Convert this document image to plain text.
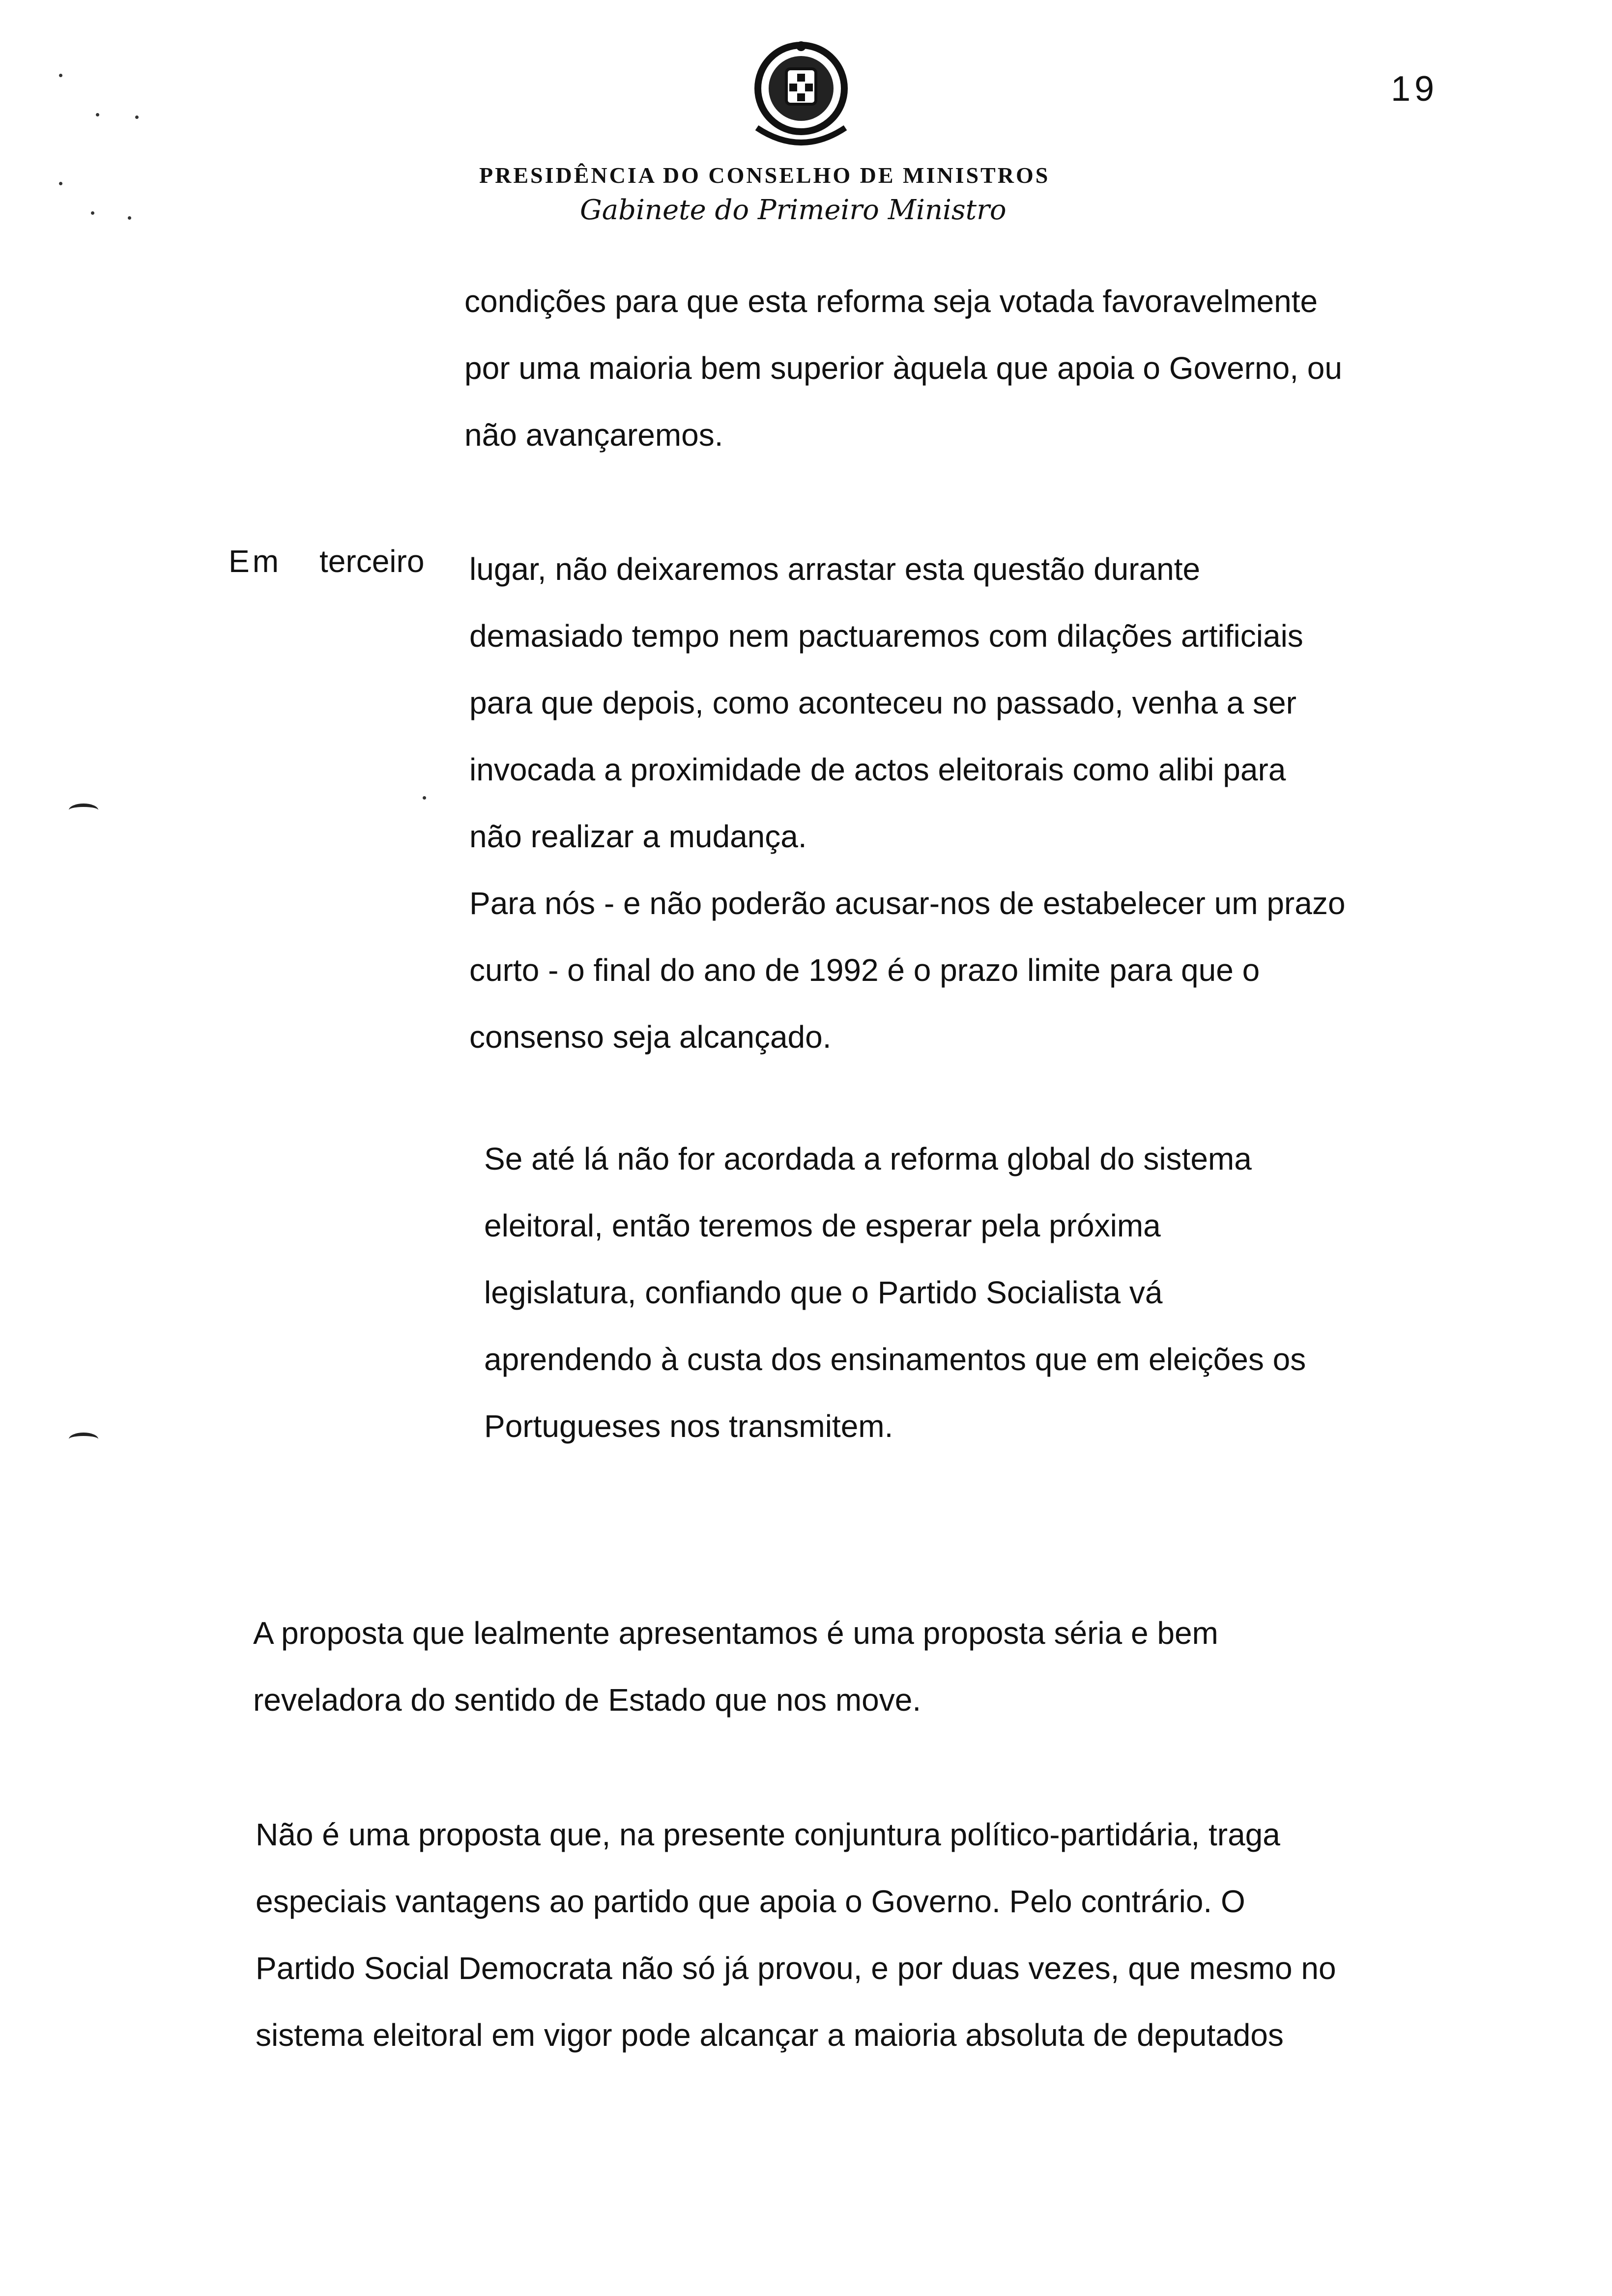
19
PRESIDÊNCIA DO CONSELHO DE MINISTROS
Gabinete do Primeiro Ministro
condições para que esta reforma seja votada favoravelmente
por uma maioria bem superior àquela que apoia o Governo, ou
não avançaremos.
Em terceiro lugar, não deixaremos arrastar esta questão durante
demasiado tempo nem pactuaremos com dilações artificiais
para que depois, como aconteceu no passado, venha a ser
invocada a proximidade de actos eleitorais como alibi para
não realizar a mudança.
Para nós - e não poderão acusar-nos de estabelecer um prazo
curto - o final do ano de 1992 é o prazo limite para que o
consenso seja alcançado.
Se até lá não for acordada a reforma global do sistema
eleitoral, então teremos de esperar pela próxima
legislatura, confiando que o Partido Socialista vá
aprendendo à custa dos ensinamentos que em eleições os
Portugueses nos transmitem.
A proposta que lealmente apresentamos é uma proposta séria e bem
reveladora do sentido de Estado que nos move.
Não é uma proposta que, na presente conjuntura político-partidária, traga
especiais vantagens ao partido que apoia o Governo. Pelo contrário. O
Partido Social Democrata não só já provou, e por duas vezes, que mesmo no
sistema eleitoral em vigor pode alcançar a maioria absoluta de deputados
